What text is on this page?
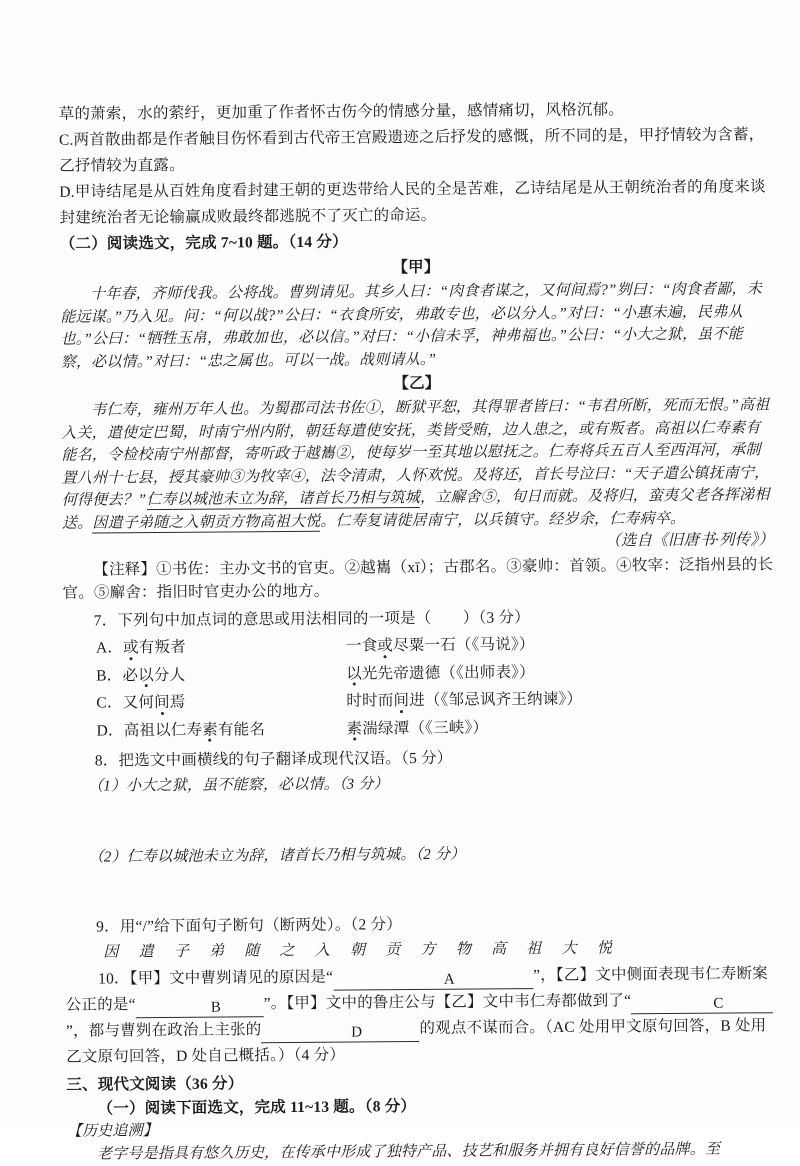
草的萧索，水的萦纡，更加重了作者怀古伤今的情感分量，感情痛切，风格沉郁。

C.两首散曲都是作者触目伤怀看到古代帝王宫殿遗迹之后抒发的感慨，所不同的是，甲抒情较为含蓄，乙抒情较为直露。

D.甲诗结尾是从百姓角度看封建王朝的更迭带给人民的全是苦难，乙诗结尾是从王朝统治者的角度来谈封建统治者无论输赢成败最终都逃脱不了灭亡的命运。

（二）阅读选文，完成 7~10 题。（14 分）

【甲】

十年春，齐师伐我。公将战。曹刿请见。其乡人曰：“肉食者谋之，又何间焉?”刿曰：“肉食者鄙，未能远谋。”乃入见。问：“何以战?”公曰：“衣食所安，弗敢专也，必以分人。”对曰：“小惠未遍，民弗从也。”公曰：“牺牲玉帛，弗敢加也，必以信。”对曰：“小信未孚，神弗福也。”公曰：“小大之狱，虽不能察，必以情。”对曰：“忠之属也。可以一战。战则请从。”

【乙】

韦仁寿，雍州万年人也。为蜀郡司法书佐①，断狱平恕，其得罪者皆曰：“韦君所断，死而无恨。”高祖入关，遣使定巴蜀，时南宁州内附，朝廷每遣使安抚，类皆受贿，边人患之，或有叛者。高祖以仁寿素有能名，令检校南宁州都督，寄听政于越巂②，使每岁一至其地以慰抚之。仁寿将兵五百人至西洱河，承制置八州十七县，授其豪帅③为牧宰④，法令清肃，人怀欢悦。及将还，首长号泣曰：“天子遣公镇抚南宁，何得便去？”仁寿以城池未立为辞，诸首长乃相与筑城，立廨舍⑤，旬日而就。及将归，蛮夷父老各挥涕相送。因遣子弟随之入朝贡方物高祖大悦。仁寿复请徙居南宁，以兵镇守。经岁余，仁寿病卒。

（选自《旧唐书·列传》）

【注释】①书佐：主办文书的官吏。②越巂（xī）；古郡名。③豪帅：首领。④牧宰：泛指州县的长官。⑤廨舍：指旧时官吏办公的地方。

7．下列句中加点词的意思或用法相同的一项是（　　）（3 分）

A．或有叛者	一食或尽粟一石（《马说》）
B．必以分人	以光先帝遗德（《出师表》）
C．又何间焉	时时而间进（《邹忌讽齐王纳谏》）
D．高祖以仁寿素有能名	素湍绿潭（《三峡》）

8．把选文中画横线的句子翻译成现代汉语。（5 分）

（1）小大之狱，虽不能察，必以情。（3 分）

（2）仁寿以城池未立为辞，诸首长乃相与筑城。（2 分）

9．用“/”给下面句子断句（断两处）。（2 分）

因 遣 子 弟 随 之 入 朝 贡 方 物 高 祖 大 悦

10．【甲】文中曹刿请见的原因是“	A	”，【乙】文中侧面表现韦仁寿断案公正的是“	B	”。【甲】文中的鲁庄公与【乙】文中韦仁寿都做到了“	C”，都与曹刿在政治上主张的	D	的观点不谋而合。（AC 处用甲文原句回答，B 处用乙文原句回答，D 处自己概括。）（4 分）

三、现代文阅读（36 分）

（一）阅读下面选文，完成 11~13 题。（8 分）

【历史追溯】

老字号是指具有悠久历史，在传承中形成了独特产品、技艺和服务并拥有良好信誉的品牌。至
